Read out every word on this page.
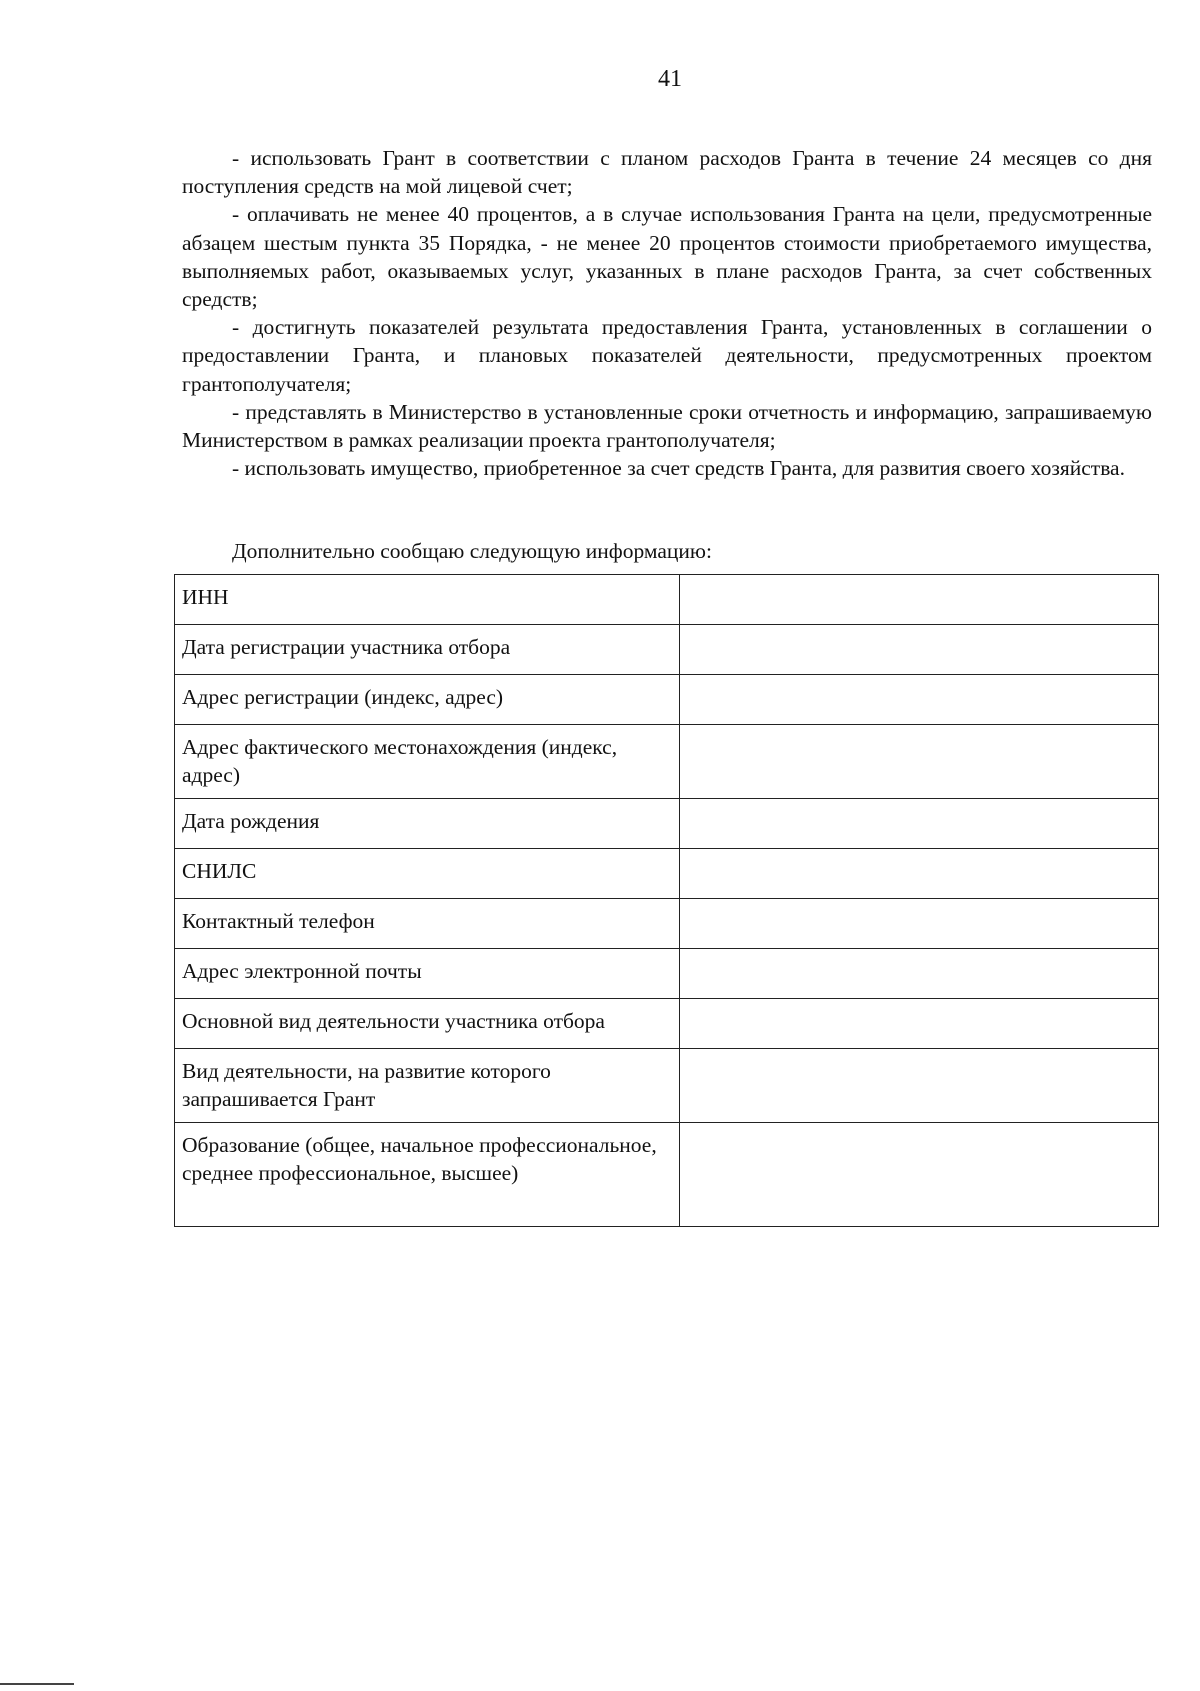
41

- использовать Грант в соответствии с планом расходов Гранта в течение 24 месяцев со дня поступления средств на мой лицевой счет;

- оплачивать не менее 40 процентов, а в случае использования Гранта на цели, предусмотренные абзацем шестым пункта 35 Порядка, - не менее 20 процентов стоимости приобретаемого имущества, выполняемых работ, оказываемых услуг, указанных в плане расходов Гранта, за счет собственных средств;

- достигнуть показателей результата предоставления Гранта, установленных в соглашении о предоставлении Гранта, и плановых показателей деятельности, предусмотренных проектом грантополучателя;

- представлять в Министерство в установленные сроки отчетность и информацию, запрашиваемую Министерством в рамках реализации проекта грантополучателя;

- использовать имущество, приобретенное за счет средств Гранта, для развития своего хозяйства.

Дополнительно сообщаю следующую информацию:
ИНН	
Дата регистрации участника отбора	
Адрес регистрации (индекс, адрес)	
Адрес фактического местонахождения (индекс, адрес)	
Дата рождения	
СНИЛС	
Контактный телефон	
Адрес электронной почты	
Основной вид деятельности участника отбора	
Вид деятельности, на развитие которого запрашивается Грант	
Образование (общее, начальное профессиональное, среднее профессиональное, высшее)	
